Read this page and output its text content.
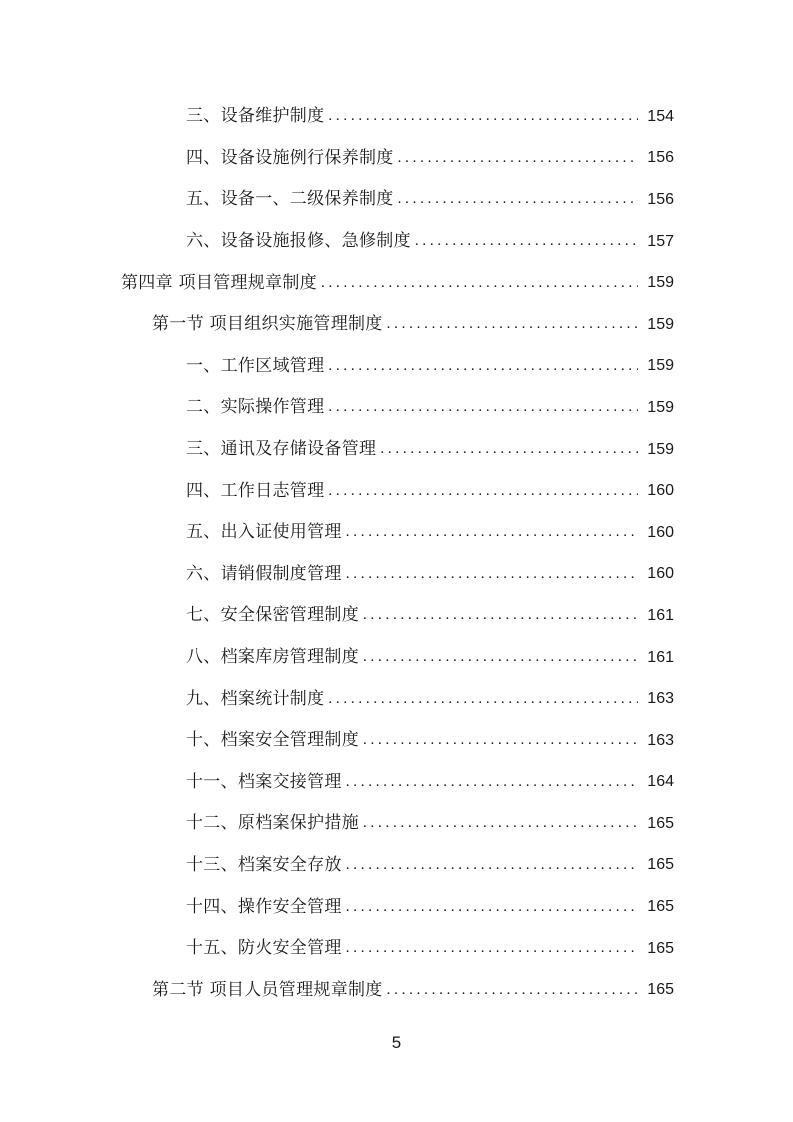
三、设备维护制度 . . .	154
四、设备设施例行保养制度 . . .	156
五、设备一、二级保养制度 . . .	156
六、设备设施报修、急修制度 . . .	157
第四章 项目管理规章制度 . . .	159
第一节 项目组织实施管理制度 . . .	159
一、工作区域管理 . . .	159
二、实际操作管理 . . .	159
三、通讯及存储设备管理 . . .	159
四、工作日志管理 . . .	160
五、出入证使用管理 . . .	160
六、请销假制度管理 . . .	160
七、安全保密管理制度 . . .	161
八、档案库房管理制度 . . .	161
九、档案统计制度 . . .	163
十、档案安全管理制度 . . .	163
十一、档案交接管理 . . .	164
十二、原档案保护措施 . . .	165
十三、档案安全存放 . . .	165
十四、操作安全管理 . . .	165
十五、防火安全管理 . . .	165
第二节 项目人员管理规章制度 . . .	165
5
